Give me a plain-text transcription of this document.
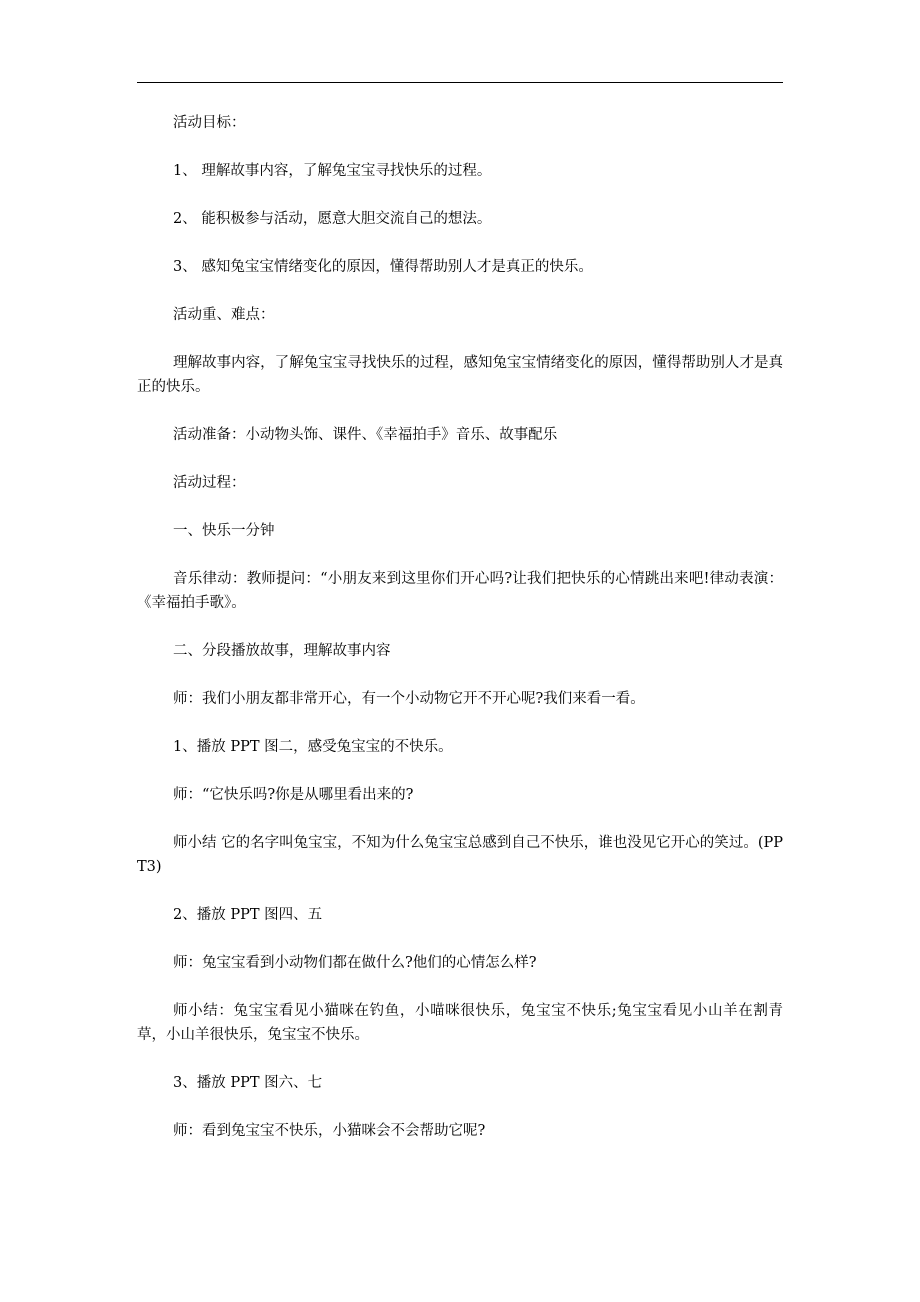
活动目标：

1、 理解故事内容，了解兔宝宝寻找快乐的过程。

2、 能积极参与活动，愿意大胆交流自己的想法。

3、 感知兔宝宝情绪变化的原因，懂得帮助别人才是真正的快乐。

活动重、难点：

理解故事内容，了解兔宝宝寻找快乐的过程，感知兔宝宝情绪变化的原因，懂得帮助别人才是真正的快乐。

活动准备：小动物头饰、课件、《幸福拍手》音乐、故事配乐

活动过程：

一、快乐一分钟

音乐律动：教师提问：“小朋友来到这里你们开心吗?让我们把快乐的心情跳出来吧!律动表演：《幸福拍手歌》。

二、分段播放故事，理解故事内容

师：我们小朋友都非常开心，有一个小动物它开不开心呢?我们来看一看。

1、播放 PPT 图二，感受兔宝宝的不快乐。

师：“它快乐吗?你是从哪里看出来的?

师小结 它的名字叫兔宝宝，不知为什么兔宝宝总感到自己不快乐，谁也没见它开心的笑过。(PPT3)

2、播放 PPT 图四、五

师：兔宝宝看到小动物们都在做什么?他们的心情怎么样?

师小结：兔宝宝看见小猫咪在钓鱼，小喵咪很快乐，兔宝宝不快乐;兔宝宝看见小山羊在割青草，小山羊很快乐，兔宝宝不快乐。

3、播放 PPT 图六、七

师：看到兔宝宝不快乐，小猫咪会不会帮助它呢?
